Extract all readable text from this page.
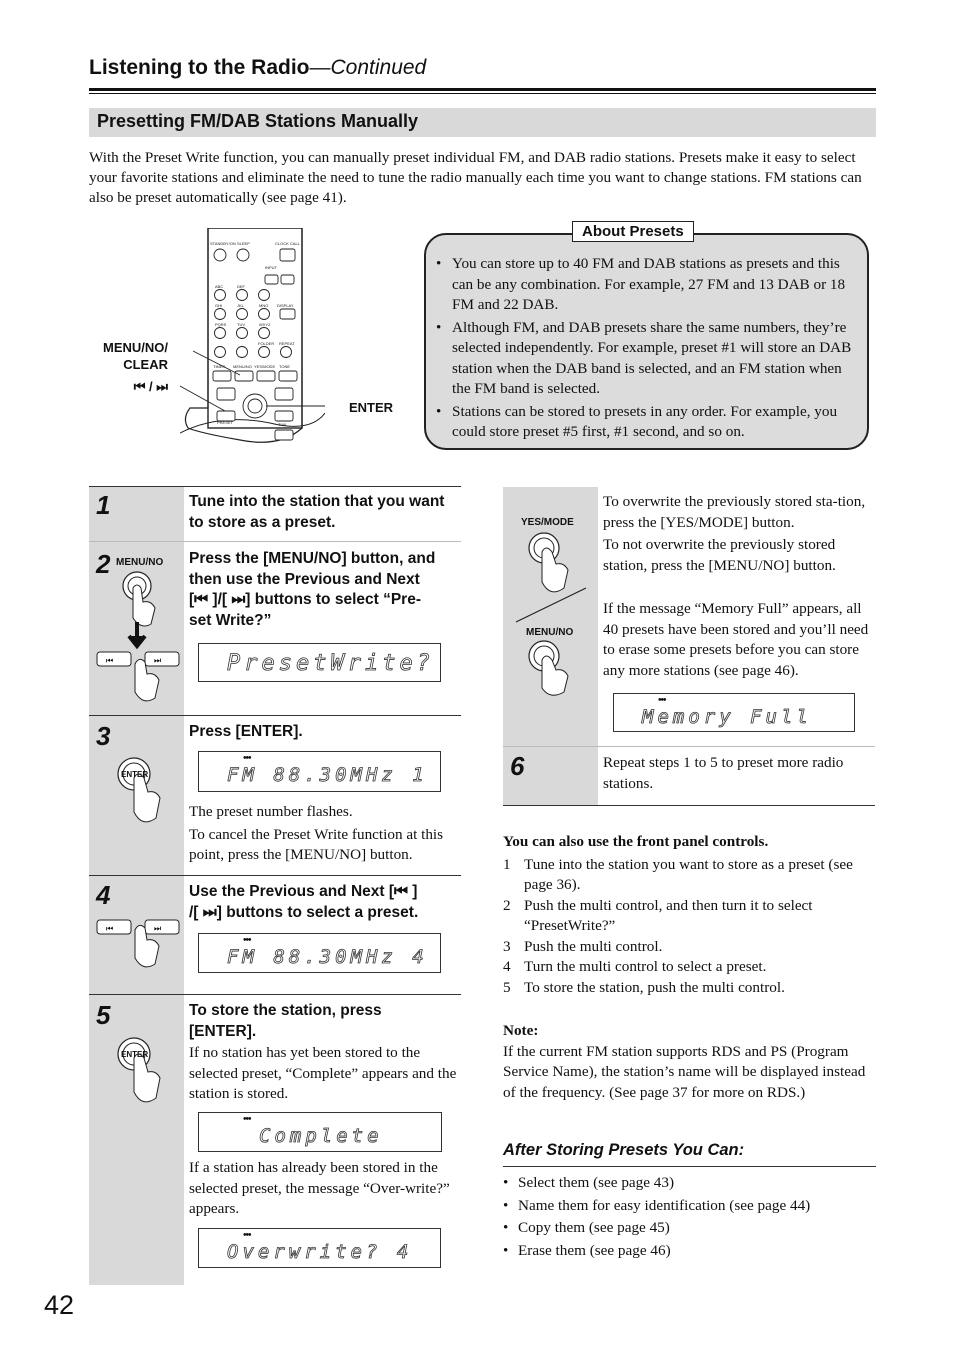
Listening to the Radio—Continued
Presetting FM/DAB Stations Manually
With the Preset Write function, you can manually preset individual FM, and DAB radio stations. Presets make it easy to select your favorite stations and eliminate the need to tune the radio manually each time you want to change stations. FM stations can also be preset automatically (see page 41).
STANDBY/ON SLEEP	CLOCK CALL
INPUT
ABC	DEF
GHI	JKL	MNO DISPLAY
PQRS	TUV	WXYZ
FOLDER REPEAT
TIMER MENU/NO YES/MODE TONE
PRESET	TUN
MENU/NO/
CLEAR
⏮ / ⏭
ENTER
About Presets
• You can store up to 40 FM and DAB stations as presets and this can be any combination. For example, 27 FM and 13 DAB or 18 FM and 22 DAB.
• Although FM, and DAB presets share the same numbers, they’re selected independently. For example, preset #1 will store an DAB station when the DAB band is selected, and an FM station when the FM band is selected.
• Stations can be stored to presets in any order. For example, you could store preset #5 first, #1 second, and so on.
1	Tune into the station that you want to store as a preset.
2 MENU/NO
⏮	⏭
Press the [MENU/NO] button, and
then use the Previous and Next
[⏮ ]/[ ⏭] buttons to select “Pre-
set Write?”
PresetWrite?
3
ENTER
Press [ENTER].
•••
FM 88.30MHz 1
The preset number flashes.
To cancel the Preset Write function at this point, press the [MENU/NO] button.
4
⏮	⏭
Use the Previous and Next [⏮ ]
/[ ⏭] buttons to select a preset.
•••
FM 88.30MHz 4
5
ENTER
To store the station, press [ENTER].
If no station has yet been stored to the selected preset, “Complete” appears and the station is stored.
•••
Complete
If a station has already been stored in the selected preset, the message “Over-write?” appears.
•••
Overwrite? 4
YES/MODE
MENU/NO
To overwrite the previously stored sta-tion, press the [YES/MODE] button.
To not overwrite the previously stored station, press the [MENU/NO] button.
If the message “Memory Full” appears, all 40 presets have been stored and you’ll need to erase some presets before you can store any more stations (see page 46).
•••
Memory Full
6	Repeat steps 1 to 5 to preset more radio stations.
You can also use the front panel controls.
1 Tune into the station you want to store as a preset (see page 36).
2 Push the multi control, and then turn it to select “PresetWrite?”
3 Push the multi control.
4 Turn the multi control to select a preset.
5 To store the station, push the multi control.
Note:
If the current FM station supports RDS and PS (Program Service Name), the station’s name will be displayed instead of the frequency. (See page 37 for more on RDS.)
After Storing Presets You Can:
• Select them (see page 43)
• Name them for easy identification (see page 44)
• Copy them (see page 45)
• Erase them (see page 46)
42
